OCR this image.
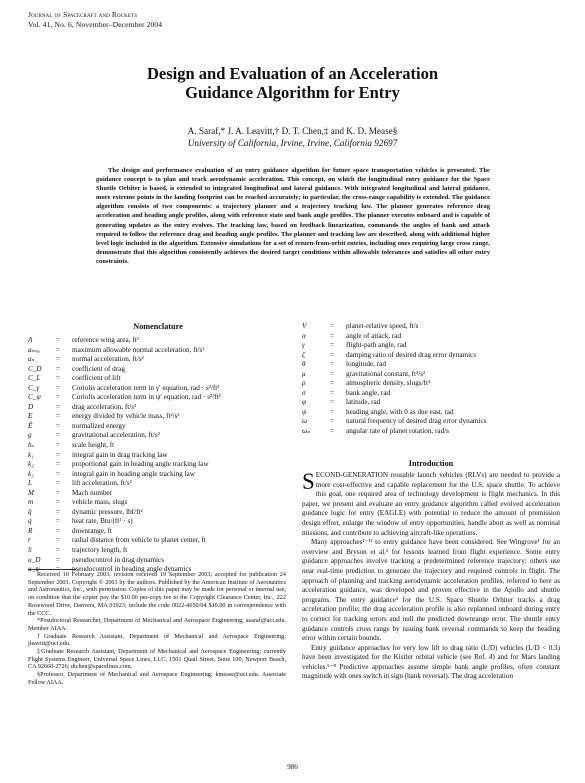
Journal of Spacecraft and Rockets
Vol. 41, No. 6, November–December 2004
Design and Evaluation of an Acceleration
Guidance Algorithm for Entry
A. Saraf,* J. A. Leavitt,† D. T. Chen,‡ and K. D. Mease§
University of California, Irvine, Irvine, California 92697

The design and performance evaluation of an entry guidance algorithm for future space transportation vehicles is presented. The guidance concept is to plan and track aerodynamic acceleration. This concept, on which the longitudinal entry guidance for the Space Shuttle Orbiter is based, is extended to integrated longitudinal and lateral guidance. With integrated longitudinal and lateral guidance, more extreme points in the landing footprint can be reached accurately; in particular, the cross-range capability is extended. The guidance algorithm consists of two components: a trajectory planner and a trajectory tracking law. The planner generates reference drag acceleration and heading angle profiles, along with reference state and bank angle profiles. The planner executes onboard and is capable of generating updates as the entry evolves. The tracking law, based on feedback linearization, commands the angles of bank and attack required to follow the reference drag and heading angle profiles. The planner and tracking law are described, along with additional higher level logic included in the algorithm. Extensive simulations for a set of return-from-orbit entries, including ones requiring large cross range, demonstrate that this algorithm consistently achieves the desired target conditions within allowable tolerances and satisfies all other entry constraints.

Nomenclature
A	=	reference wing area, ft²
aₘₐₓ	=	maximum allowable normal acceleration, ft/s²
aₙ	=	normal acceleration, ft/s²
C_D	=	coefficient of drag
C_L	=	coefficient of lift
C_γ	=	Coriolis acceleration term in γ′ equation, rad · s²/ft²
C_ψ	=	Coriolis acceleration term in ψ′ equation, rad · s²/ft²
D	=	drag acceleration, ft/s²
E	=	energy divided by vehicle mass, ft²/s²
Ê	=	normalized energy
g	=	gravitational acceleration, ft/s²
hₛ	=	scale height, ft
k₁	=	integral gain in drag tracking law
k₂	=	proportional gain in heading angle tracking law
k₃	=	integral gain in heading angle tracking law
L	=	lift acceleration, ft/s²
M	=	Mach number
m	=	vehicle mass, slugs
q̄	=	dynamic pressure, lbf/ft²
q̇	=	heat rate, Btu/(ft² · s)
R	=	downrange, ft
r	=	radial distance from vehicle to planet center, ft
S	=	trajectory length, ft
u_D	=	pseudocontrol in drag dynamics
u_ψ	=	pseudocontrol in heading angle dynamics
V	=	planet-relative speed, ft/s
α	=	angle of attack, rad
γ	=	flight-path angle, rad
ζ	=	damping ratio of desired drag error dynamics
θ	=	longitude, rad
μ	=	gravitational constant, ft³/s²
ρ	=	atmospheric density, slugs/ft³
σ	=	bank angle, rad
φ	=	latitude, rad
ψ	=	heading angle, with 0 as due east, rad
ω	=	natural frequency of desired drag error dynamics
ωₚ	=	angular rate of planet rotation, rad/s

Received 10 February 2003; revision received 19 September 2003; accepted for publication 24 September 2003. Copyright © 2003 by the authors. Published by the American Institute of Aeronautics and Astronautics, Inc., with permission. Copies of this paper may be made for personal or internal use, on condition that the copier pay the $10.00 per-copy fee to the Copyright Clearance Center, Inc., 222 Rosewood Drive, Danvers, MA 01923; include the code 0022-4650/04 $10.00 in correspondence with the CCC.

*Postdoctoral Researcher, Department of Mechanical and Aerospace Engineering; asaraf@uci.edu. Member AIAA.

†Graduate Research Assistant, Department of Mechanical and Aerospace Engineering; jleavitt@uci.edu.

‡Graduate Research Assistant, Department of Mechanical and Aerospace Engineering; currently Flight Systems Engineer, Universal Space Lines, LLC, 1501 Quail Street, Suite 100, Newport Beach, CA 92660-2726; dtchen@spacelines.com.

§Professor, Department of Mechanical and Aerospace Engineering; kmease@uci.edu. Associate Fellow AIAA.

Introduction

SECOND-GENERATION reusable launch vehicles (RLVs) are needed to provide a more cost-effective and capable replacement for the U.S. space shuttle. To achieve this goal, one required area of technology development is flight mechanics. In this paper, we present and evaluate an entry guidance algorithm called evolved acceleration guidance logic for entry (EAGLE) with potential to reduce the amount of premission design effort, enlarge the window of entry opportunities, handle abort as well as nominal missions, and contribute to achieving aircraft-like operations.

Many approaches¹⁻¹³ to entry guidance have been considered. See Wingrove¹ for an overview and Bryson et al.² for lessons learned from flight experience. Some entry guidance approaches involve tracking a predetermined reference trajectory; others use near real-time prediction to generate the trajectory and required controls in flight. The approach of planning and tracking aerodynamic acceleration profiles, referred to here as acceleration guidance, was developed and proven effective in the Apollo and shuttle programs. The entry guidance³ for the U.S. Space Shuttle Orbiter tracks a drag acceleration profile; the drag acceleration profile is also replanned onboard during entry to correct for tracking errors and null the predicted downrange error. The shuttle entry guidance controls cross range by issuing bank reversal commands to keep the heading error within certain bounds.

Entry guidance approaches for very low lift to drag ratio (L/D) vehicles (L/D < 0.3) have been investigated for the Kistler orbital vehicle (see Ref. 4) and for Mars landing vehicles.⁵⁻⁸ Predictive approaches assume simple bank angle profiles, often constant magnitude with ones switch in sign (bank reversal). The drag acceleration

986
